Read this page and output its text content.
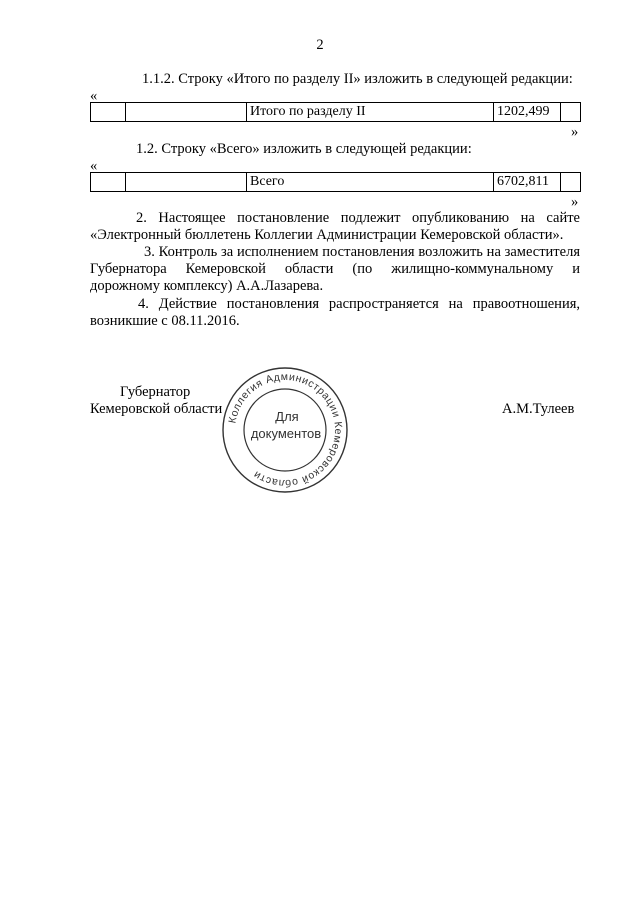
2
1.1.2. Строку «Итого по разделу II» изложить в следующей редакции:
«
		Итого по разделу II	1202,499	
»
1.2. Строку «Всего» изложить в следующей редакции:
«
		Всего	6702,811	
»
2. Настоящее постановление подлежит опубликованию на сайте
«Электронный бюллетень Коллегии Администрации Кемеровской области».
3. Контроль за исполнением постановления возложить на заместителя
Губернатора Кемеровской области (по жилищно-коммунальному и
дорожному комплексу) А.А.Лазарева.
4. Действие постановления распространяется на правоотношения,
возникшие с 08.11.2016.
Губернатор
Кемеровской области	А.М.Тулеев
Коллегия Администрации Кемеровской области
Для
документов
